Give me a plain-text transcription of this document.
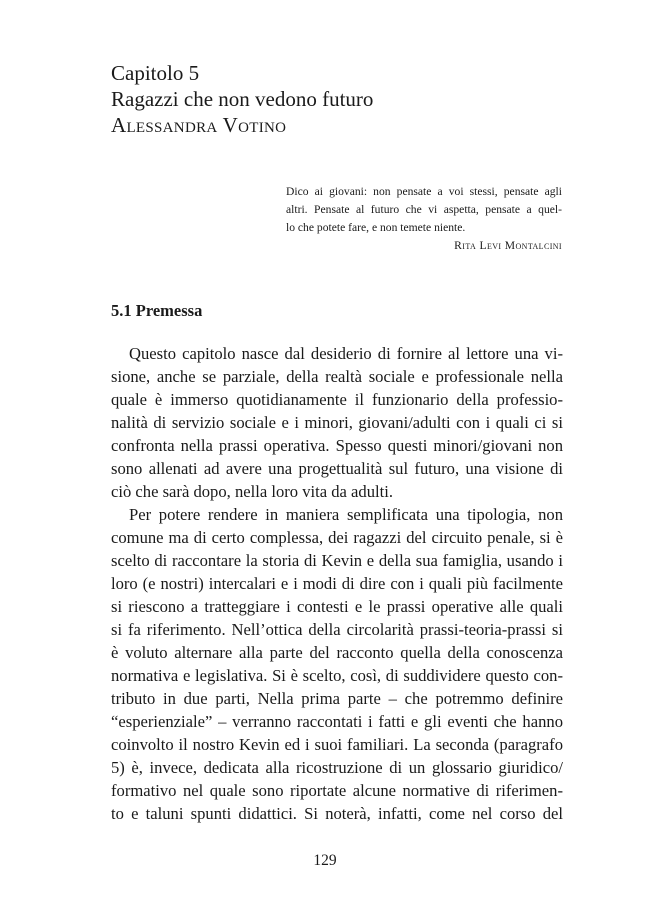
Capitolo 5
Ragazzi che non vedono futuro
Alessandra Votino
Dico ai giovani: non pensate a voi stessi, pensate agli
altri. Pensate al futuro che vi aspetta, pensate a quel-
lo che potete fare, e non temete niente.
Rita Levi Montalcini
5.1 Premessa
Questo capitolo nasce dal desiderio di fornire al lettore una vi-
sione, anche se parziale, della realtà sociale e professionale nella
quale è immerso quotidianamente il funzionario della professio-
nalità di servizio sociale e i minori, giovani/adulti con i quali ci si
confronta nella prassi operativa. Spesso questi minori/giovani non
sono allenati ad avere una progettualità sul futuro, una visione di
ciò che sarà dopo, nella loro vita da adulti.
Per potere rendere in maniera semplificata una tipologia, non
comune ma di certo complessa, dei ragazzi del circuito penale, si è
scelto di raccontare la storia di Kevin e della sua famiglia, usando i
loro (e nostri) intercalari e i modi di dire con i quali più facilmente
si riescono a tratteggiare i contesti e le prassi operative alle quali
si fa riferimento. Nell’ottica della circolarità prassi-teoria-prassi si
è voluto alternare alla parte del racconto quella della conoscenza
normativa e legislativa. Si è scelto, così, di suddividere questo con-
tributo in due parti, Nella prima parte – che potremmo definire
“esperienziale” – verranno raccontati i fatti e gli eventi che hanno
coinvolto il nostro Kevin ed i suoi familiari. La seconda (paragrafo
5) è, invece, dedicata alla ricostruzione di un glossario giuridico/
formativo nel quale sono riportate alcune normative di riferimen-
to e taluni spunti didattici. Si noterà, infatti, come nel corso del
129
